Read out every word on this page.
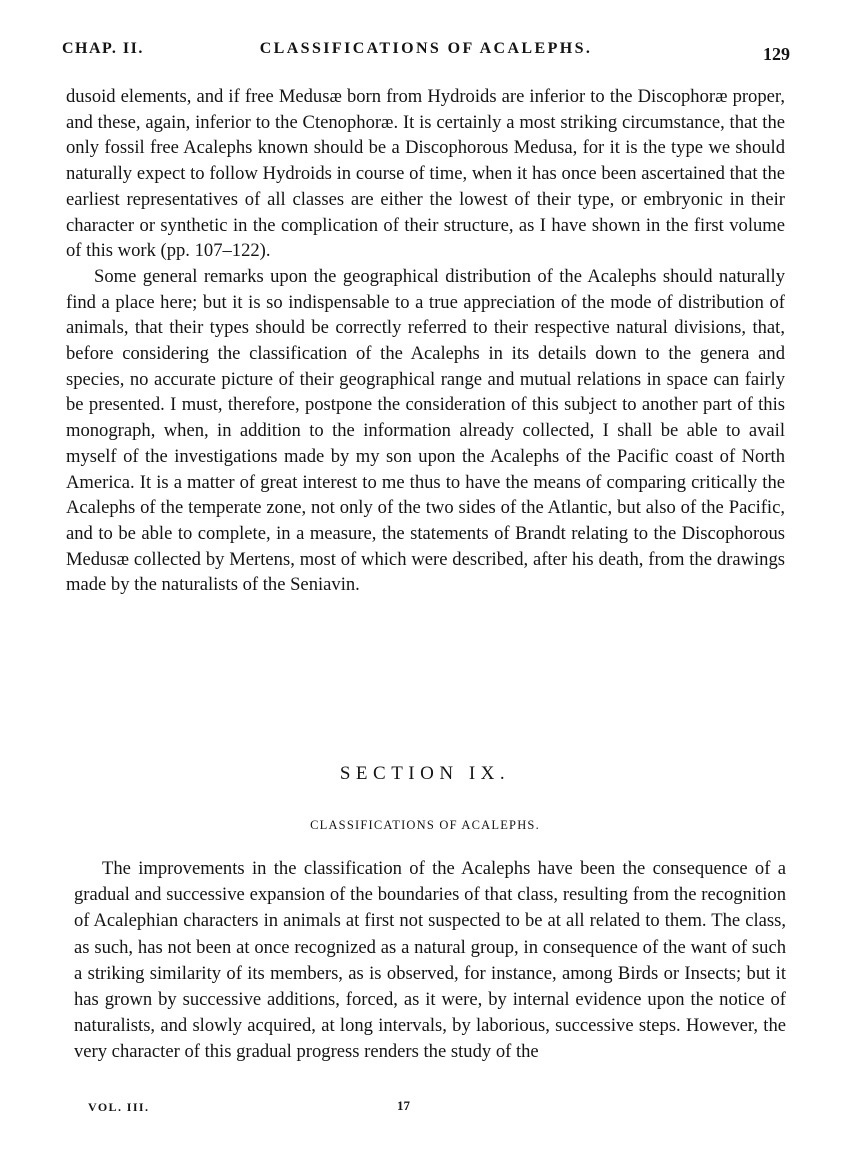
CHAP. II.	CLASSIFICATIONS OF ACALEPHS.	129

dusoid elements, and if free Medusæ born from Hydroids are inferior to the Discophoræ proper, and these, again, inferior to the Ctenophoræ. It is certainly a most striking circumstance, that the only fossil free Acalephs known should be a Discophorous Medusa, for it is the type we should naturally expect to follow Hydroids in course of time, when it has once been ascertained that the earliest representatives of all classes are either the lowest of their type, or embryonic in their character or synthetic in the complication of their structure, as I have shown in the first volume of this work (pp. 107–122).

Some general remarks upon the geographical distribution of the Acalephs should naturally find a place here; but it is so indispensable to a true appreciation of the mode of distribution of animals, that their types should be correctly referred to their respective natural divisions, that, before considering the classification of the Acalephs in its details down to the genera and species, no accurate picture of their geographical range and mutual relations in space can fairly be presented. I must, therefore, postpone the consideration of this subject to another part of this monograph, when, in addition to the information already collected, I shall be able to avail myself of the investigations made by my son upon the Acalephs of the Pacific coast of North America. It is a matter of great interest to me thus to have the means of comparing critically the Acalephs of the temperate zone, not only of the two sides of the Atlantic, but also of the Pacific, and to be able to complete, in a measure, the statements of Brandt relating to the Discophorous Medusæ collected by Mertens, most of which were described, after his death, from the drawings made by the naturalists of the Seniavin.

SECTION IX.
CLASSIFICATIONS OF ACALEPHS.

The improvements in the classification of the Acalephs have been the consequence of a gradual and successive expansion of the boundaries of that class, resulting from the recognition of Acalephian characters in animals at first not suspected to be at all related to them. The class, as such, has not been at once recognized as a natural group, in consequence of the want of such a striking similarity of its members, as is observed, for instance, among Birds or Insects; but it has grown by successive additions, forced, as it were, by internal evidence upon the notice of naturalists, and slowly acquired, at long intervals, by laborious, successive steps. However, the very character of this gradual progress renders the study of the

VOL. III.	17
